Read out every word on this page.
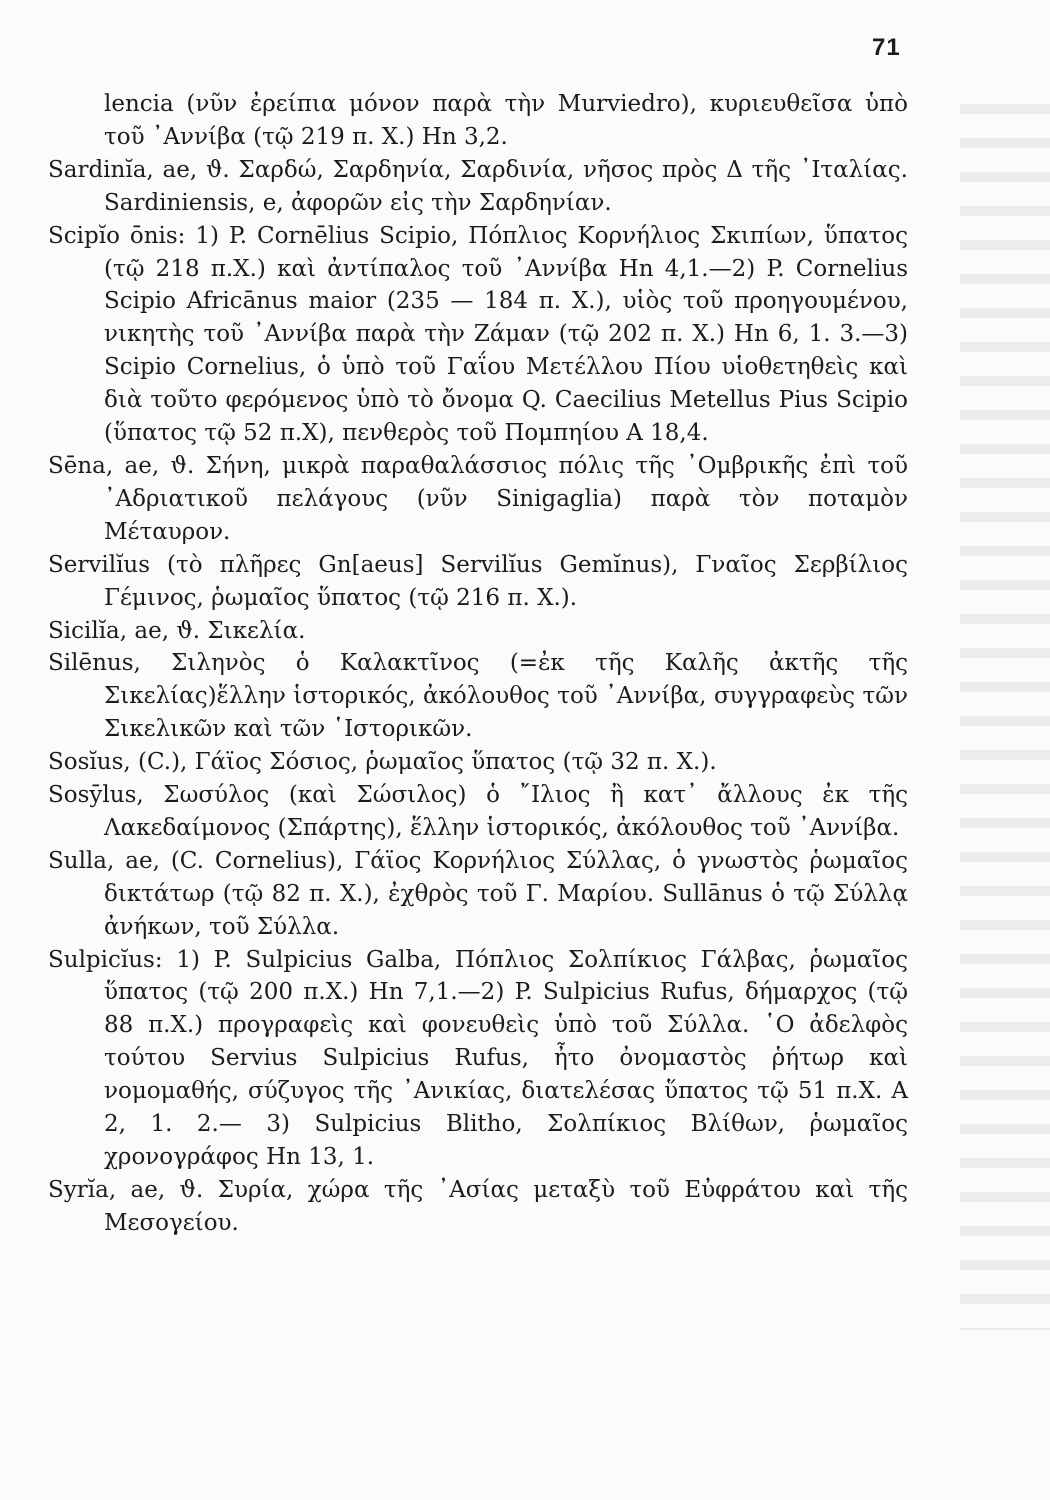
71

lencia (νῦν ἐρείπια μόνον παρὰ τὴν Murviedro), κυριευθεῖσα ὑπὸ τοῦ ᾿Αννίβα (τῷ 219 π. Χ.) Hn 3,2.

Sardinĭa, ae, ϑ. Σαρδώ, Σαρδηνία, Σαρδινία, νῆσος πρὸς Δ τῆς ᾿Ιταλίας. Sardiniensis, e, ἀφορῶν εἰς τὴν Σαρδηνίαν.

Scipĭo ōnis: 1) P. Cornēlius Scipio, Πόπλιος Κορνήλιος Σκιπίων, ὕπατος (τῷ 218 π.Χ.) καὶ ἀντίπαλος τοῦ ᾿Αννίβα Hn 4,1.—2) P. Cornelius Scipio Africānus maior (235 — 184 π. Χ.), υἱὸς τοῦ προηγουμένου, νικητὴς τοῦ ᾿Αννίβα παρὰ τὴν Ζάμαν (τῷ 202 π. Χ.) Hn 6, 1. 3.—3) Scipio Cornelius, ὁ ὑπὸ τοῦ Γαΐου Μετέλλου Πίου υἱοθετηθεὶς καὶ διὰ τοῦτο φερόμενος ὑπὸ τὸ ὄνομα Q. Caecilius Metellus Pius Scipio (ὕπατος τῷ 52 π.Χ), πενθερὸς τοῦ Πομπηίου Α 18,4.

Sēna, ae, ϑ. Σήνη, μικρὰ παραθαλάσσιος πόλις τῆς ᾿Ομβρικῆς ἐπὶ τοῦ ᾿Αδριατικοῦ πελάγους (νῦν Sinigaglia) παρὰ τὸν ποταμὸν Μέταυρον.

Servilĭus (τὸ πλῆρες Gn[aeus] Servilĭus Gemĭnus), Γναῖος Σερβίλιος Γέμινος, ῥωμαῖος ὕπατος (τῷ 216 π. Χ.).

Sicilĭa, ae, ϑ. Σικελία.

Silēnus, Σιληνὸς ὁ Καλακτῖνος (=ἐκ τῆς Καλῆς ἀκτῆς τῆς Σικελίας)ἕλλην ἱστορικός, ἀκόλουθος τοῦ ᾿Αννίβα, συγγραφεὺς τῶν Σικελικῶν καὶ τῶν ῾Ιστορικῶν.

Sosĭus, (C.), Γάϊος Σόσιος, ῥωμαῖος ὕπατος (τῷ 32 π. Χ.).

Sosȳlus, Σωσύλος (καὶ Σώσιλος) ὁ ῎Ιλιος ἢ κατ᾿ ἄλλους ἐκ τῆς Λακεδαίμονος (Σπάρτης), ἕλλην ἱστορικός, ἀκόλουθος τοῦ ᾿Αννίβα.

Sulla, ae, (C. Cornelius), Γάϊος Κορνήλιος Σύλλας, ὁ γνωστὸς ῥωμαῖος δικτάτωρ (τῷ 82 π. Χ.), ἐχθρὸς τοῦ Γ. Μαρίου. Sullānus ὁ τῷ Σύλλᾳ ἀνήκων, τοῦ Σύλλα.

Sulpicĭus: 1) P. Sulpicius Galba, Πόπλιος Σολπίκιος Γάλβας, ῥωμαῖος ὕπατος (τῷ 200 π.Χ.) Hn 7,1.—2) P. Sulpicius Rufus, δήμαρχος (τῷ 88 π.Χ.) προγραφεὶς καὶ φονευθεὶς ὑπὸ τοῦ Σύλλα. ῾Ο ἀδελφὸς τούτου Servius Sulpicius Rufus, ἦτο ὀνομαστὸς ῥήτωρ καὶ νομομαθής, σύζυγος τῆς ᾿Ανικίας, διατελέσας ὕπατος τῷ 51 π.Χ. Α 2, 1. 2.— 3) Sulpicius Blitho, Σολπίκιος Βλίθων, ῥωμαῖος χρονογράφος Hn 13, 1.

Syrĭa, ae, ϑ. Συρία, χώρα τῆς ᾿Ασίας μεταξὺ τοῦ Εὐφράτου καὶ τῆς Μεσογείου.
